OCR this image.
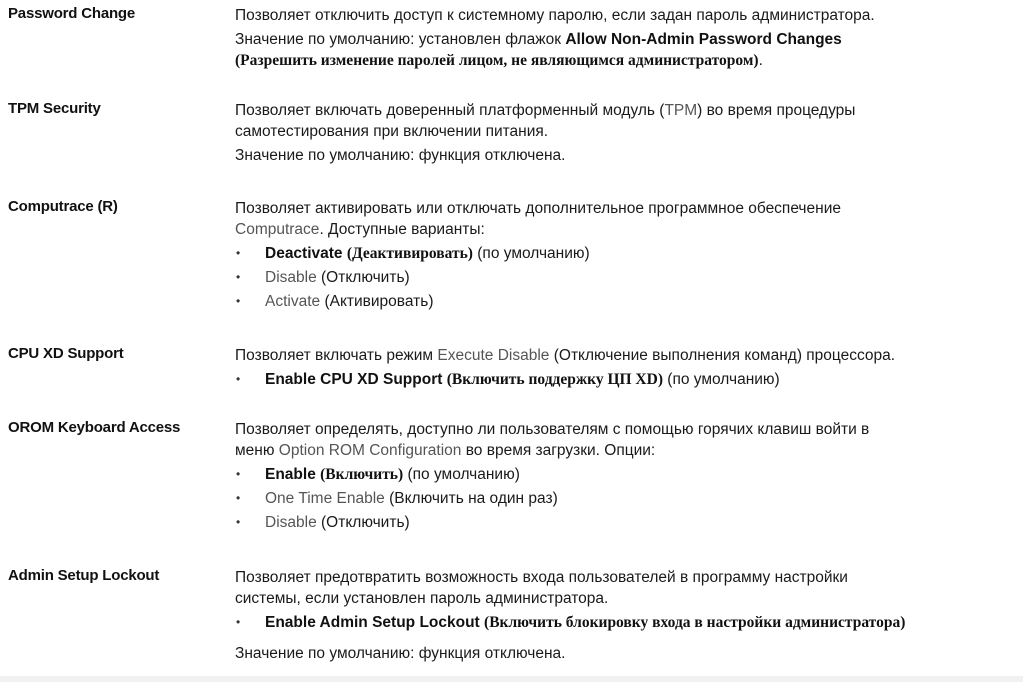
Password Change	Позволяет отключить доступ к системному паролю, если задан пароль администратора.

Значение по умолчанию: установлен флажок Allow Non-Admin Password Changes

(Разрешить изменение паролей лицом, не являющимся администратором).

TPM Security	Позволяет включать доверенный платформенный модуль (TPM) во время процедуры

самотестирования при включении питания.

Значение по умолчанию: функция отключена.

Computrace (R)	Позволяет активировать или отключать дополнительное программное обеспечение

Computrace. Доступные варианты:

• Deactivate (Деактивировать) (по умолчанию)
• Disable (Отключить)
• Activate (Активировать)
CPU XD Support	Позволяет включать режим Execute Disable (Отключение выполнения команд) процессора.

• Enable CPU XD Support (Включить поддержку ЦП XD) (по умолчанию)
OROM Keyboard Access	Позволяет определять, доступно ли пользователям с помощью горячих клавиш войти в

меню Option ROM Configuration во время загрузки. Опции:

• Enable (Включить) (по умолчанию)
• One Time Enable (Включить на один раз)
• Disable (Отключить)
Admin Setup Lockout	Позволяет предотвратить возможность входа пользователей в программу настройки

системы, если установлен пароль администратора.

• Enable Admin Setup Lockout (Включить блокировку входа в настройки администратора)

Значение по умолчанию: функция отключена.
